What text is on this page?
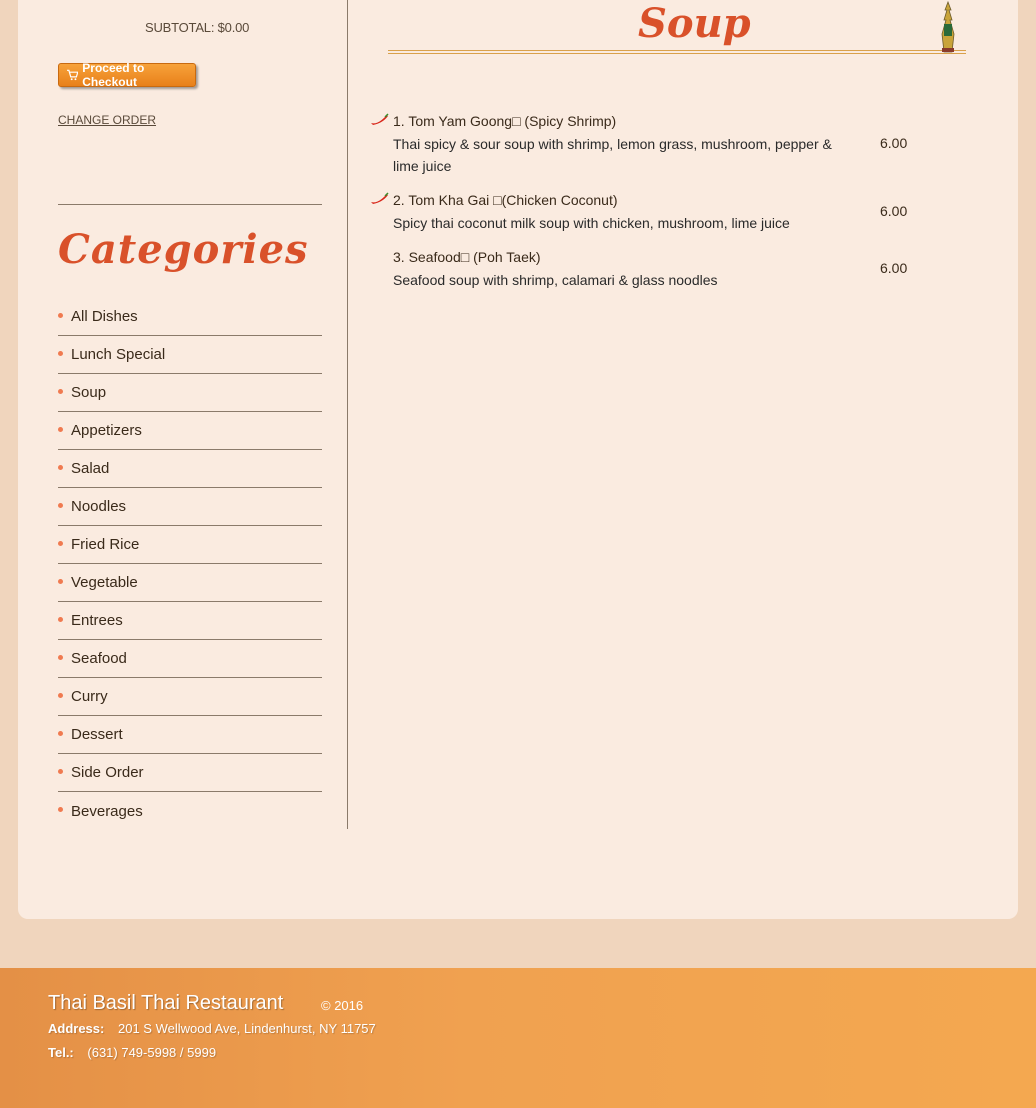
SUBTOTAL: $0.00
Proceed to Checkout
CHANGE ORDER
Categories
All Dishes
Lunch Special
Soup
Appetizers
Salad
Noodles
Fried Rice
Vegetable
Entrees
Seafood
Curry
Dessert
Side Order
Beverages
Soup
1. Tom Yam Goong□ (Spicy Shrimp)
Thai spicy & sour soup with shrimp, lemon grass, mushroom, pepper & lime juice
6.00
2. Tom Kha Gai □(Chicken Coconut)
Spicy thai coconut milk soup with chicken, mushroom, lime juice
6.00
3. Seafood□ (Poh Taek)
Seafood soup with shrimp, calamari & glass noodles
6.00
Thai Basil Thai Restaurant	© 2016
Address: 201 S Wellwood Ave, Lindenhurst, NY 11757
Tel.: (631) 749-5998 / 5999
